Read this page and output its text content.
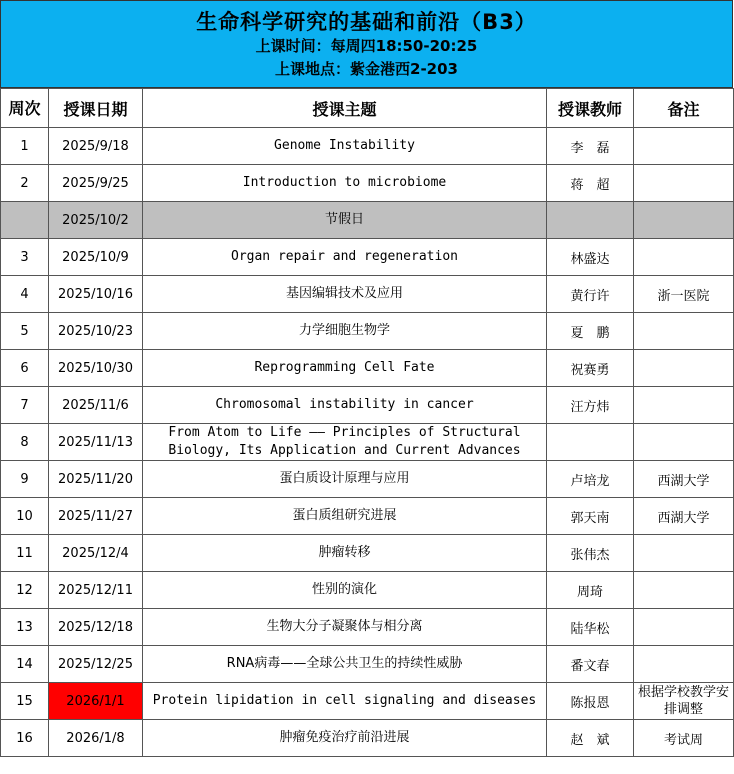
生命科学研究的基础和前沿（B3）
上课时间：每周四18:50-20:25
上课地点：紫金港西2-203
周次	授课日期	授课主题	授课教师	备注
1	2025/9/18	Genome Instability	李　磊	
2	2025/9/25	Introduction to microbiome	蒋　超	
	2025/10/2	节假日		
3	2025/10/9	Organ repair and regeneration	林盛达	
4	2025/10/16	基因编辑技术及应用	黄行许	浙一医院
5	2025/10/23	力学细胞生物学	夏　鹏	
6	2025/10/30	Reprogramming Cell Fate	祝赛勇	
7	2025/11/6	Chromosomal instability in cancer	汪方炜	
8	2025/11/13	From Atom to Life —— Principles of Structural Biology, Its Application and Current Advances		
9	2025/11/20	蛋白质设计原理与应用	卢培龙	西湖大学
10	2025/11/27	蛋白质组研究进展	郭天南	西湖大学
11	2025/12/4	肿瘤转移	张伟杰	
12	2025/12/11	性别的演化	周琦	
13	2025/12/18	生物大分子凝聚体与相分离	陆华松	
14	2025/12/25	RNA病毒——全球公共卫生的持续性威胁	番文春	
15	2026/1/1	Protein lipidation in cell signaling and diseases	陈报恩	根据学校教学安排调整
16	2026/1/8	肿瘤免疫治疗前沿进展	赵　斌	考试周
